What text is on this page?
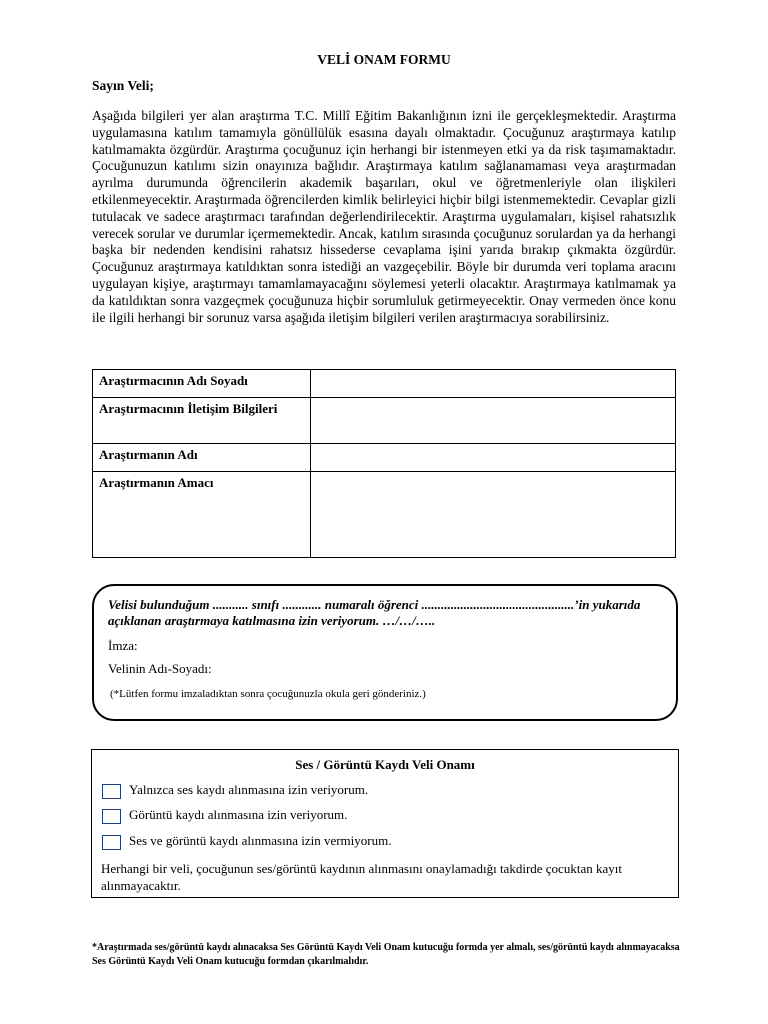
VELİ ONAM FORMU
Sayın Veli;

Aşağıda bilgileri yer alan araştırma T.C. Millî Eğitim Bakanlığının izni ile gerçekleşmektedir. Araştırma uygulamasına katılım tamamıyla gönüllülük esasına dayalı olmaktadır. Çocuğunuz araştırmaya katılıp katılmamakta özgürdür. Araştırma çocuğunuz için herhangi bir istenmeyen etki ya da risk taşımamaktadır. Çocuğunuzun katılımı sizin onayınıza bağlıdır. Araştırmaya katılım sağlanamaması veya araştırmadan ayrılma durumunda öğrencilerin akademik başarıları, okul ve öğretmenleriyle olan ilişkileri etkilenmeyecektir. Araştırmada öğrencilerden kimlik belirleyici hiçbir bilgi istenmemektedir. Cevaplar gizli tutulacak ve sadece araştırmacı tarafından değerlendirilecektir. Araştırma uygulamaları, kişisel rahatsızlık verecek sorular ve durumlar içermemektedir. Ancak, katılım sırasında çocuğunuz sorulardan ya da herhangi başka bir nedenden kendisini rahatsız hissederse cevaplama işini yarıda bırakıp çıkmakta özgürdür. Çocuğunuz araştırmaya katıldıktan sonra istediği an vazgeçebilir. Böyle bir durumda veri toplama aracını uygulayan kişiye, araştırmayı tamamlamayacağını söylemesi yeterli olacaktır. Araştırmaya katılmamak ya da katıldıktan sonra vazgeçmek çocuğunuza hiçbir sorumluluk getirmeyecektir. Onay vermeden önce konu ile ilgili herhangi bir sorunuz varsa aşağıda iletişim bilgileri verilen araştırmacıya sorabilirsiniz.

Araştırmacının Adı Soyadı	
Araştırmacının İletişim Bilgileri	
Araştırmanın Adı	
Araştırmanın Amacı	
Velisi bulunduğum ........... sınıfı ............ numaralı öğrenci ...............................................’in yukarıda açıklanan araştırmaya katılmasına izin veriyorum. …/…/…..
İmza:
Velinin Adı-Soyadı:
(*Lütfen formu imzaladıktan sonra çocuğunuzla okula geri gönderiniz.)
Ses / Görüntü Kaydı Veli Onamı
Yalnızca ses kaydı alınmasına izin veriyorum.
Görüntü kaydı alınmasına izin veriyorum.
Ses ve görüntü kaydı alınmasına izin vermiyorum.
Herhangi bir veli, çocuğunun ses/görüntü kaydının alınmasını onaylamadığı takdirde çocuktan kayıt alınmayacaktır.
*Araştırmada ses/görüntü kaydı alınacaksa Ses Görüntü Kaydı Veli Onam kutucuğu formda yer almalı, ses/görüntü kaydı alınmayacaksa Ses Görüntü Kaydı Veli Onam kutucuğu formdan çıkarılmalıdır.
